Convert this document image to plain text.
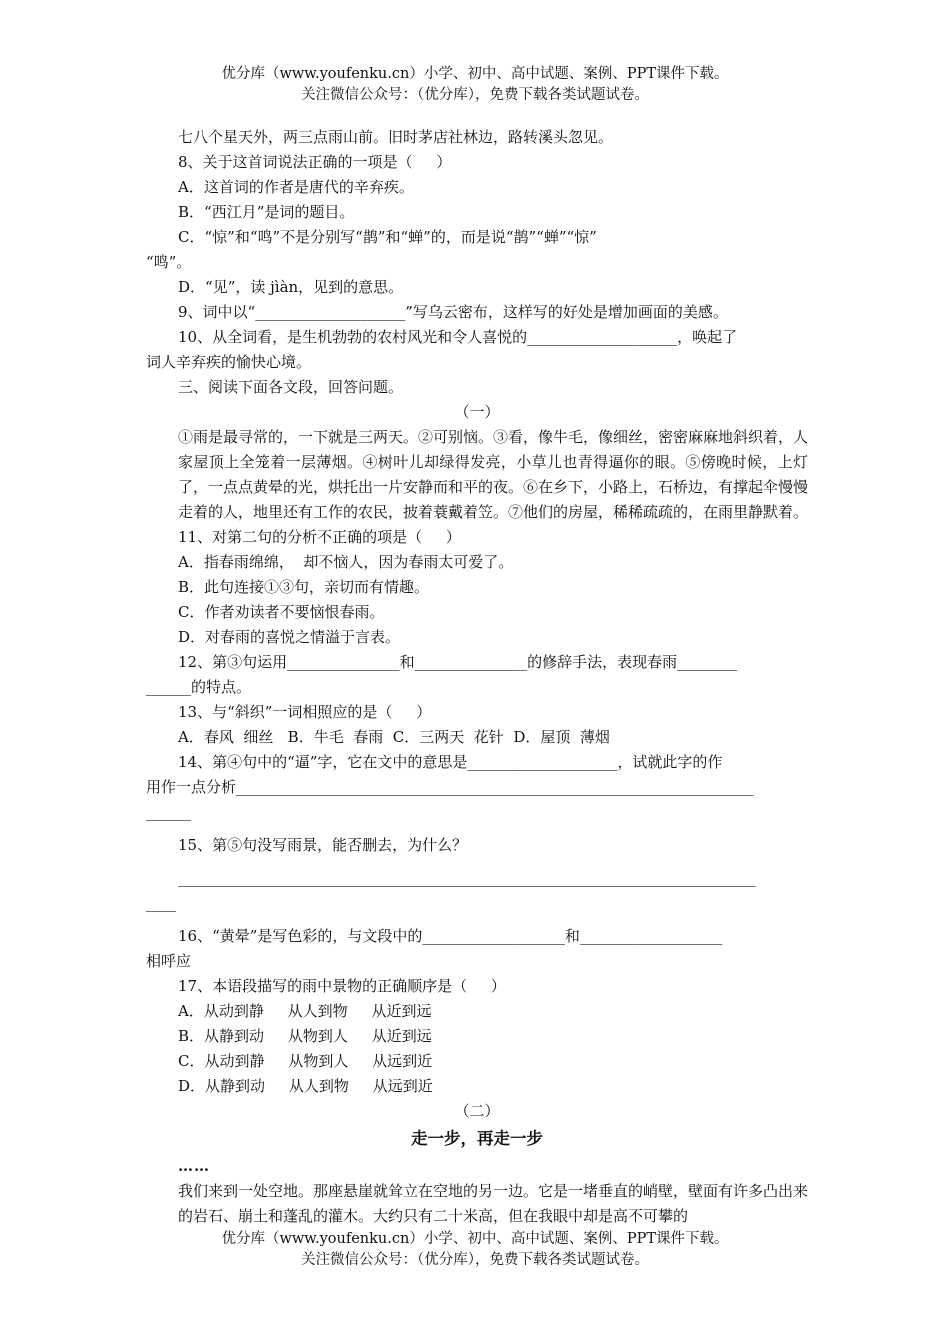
优分库（www.youfenku.cn）小学、初中、高中试题、案例、PPT课件下载。
关注微信公众号：（优分库），免费下载各类试题试卷。

七八个星天外，两三点雨山前。旧时茅店社林边，路转溪头忽见。

8、关于这首词说法正确的一项是（     ）

A．这首词的作者是唐代的辛弃疾。

B．“西江月”是词的题目。

C．“惊”和“鸣”不是分别写“鹊”和“蝉”的，而是说“鹊”“蝉”“惊”

“鸣”。

D．“见”，读 jìàn，见到的意思。

9、词中以“____________________”写乌云密布，这样写的好处是增加画面的美感。

10、从全词看，是生机勃勃的农村风光和令人喜悦的____________________，唤起了

词人辛弃疾的愉快心境。

三、阅读下面各文段，回答问题。

（一）

①雨是最寻常的，一下就是三两天。②可别恼。③看，像牛毛，像细丝，密密麻麻地斜织着，人家屋顶上全笼着一层薄烟。④树叶儿却绿得发亮，小草儿也青得逼你的眼。⑤傍晚时候，上灯了，一点点黄晕的光，烘托出一片安静而和平的夜。⑥在乡下，小路上，石桥边，有撑起伞慢慢走着的人，地里还有工作的农民，披着蓑戴着笠。⑦他们的房屋，稀稀疏疏的，在雨里静默着。

11、对第二句的分析不正确的项是（     ）

A．指春雨绵绵，  却不恼人，因为春雨太可爱了。

B．此句连接①③句，亲切而有情趣。

C．作者劝读者不要恼恨春雨。

D．对春雨的喜悦之情溢于言表。

12、第③句运用_______________和_______________的修辞手法，表现春雨________

______的特点。

13、与“斜织”一词相照应的是（     ）

A．春风  细丝   B．牛毛  春雨  C．三两天  花针  D．屋顶  薄烟

14、第④句中的“逼”字，它在文中的意思是____________________，试就此字的作

用作一点分析_____________________________________________________________________

______

15、第⑤句没写雨景，能否删去，为什么？

_____________________________________________________________________________

____

16、“黄晕”是写色彩的，与文段中的___________________和___________________

相呼应

17、本语段描写的雨中景物的正确顺序是（     ）

A．从动到静     从人到物     从近到远

B．从静到动     从物到人     从近到远

C．从动到静     从物到人     从远到近

D．从静到动     从人到物     从远到近

（二）

走一步，再走一步

……

我们来到一处空地。那座悬崖就耸立在空地的另一边。它是一堵垂直的峭壁，壁面有许多凸出来的岩石、崩土和蓬乱的灌木。大约只有二十米高，但在我眼中却是高不可攀的

优分库（www.youfenku.cn）小学、初中、高中试题、案例、PPT课件下载。
关注微信公众号：（优分库），免费下载各类试题试卷。
